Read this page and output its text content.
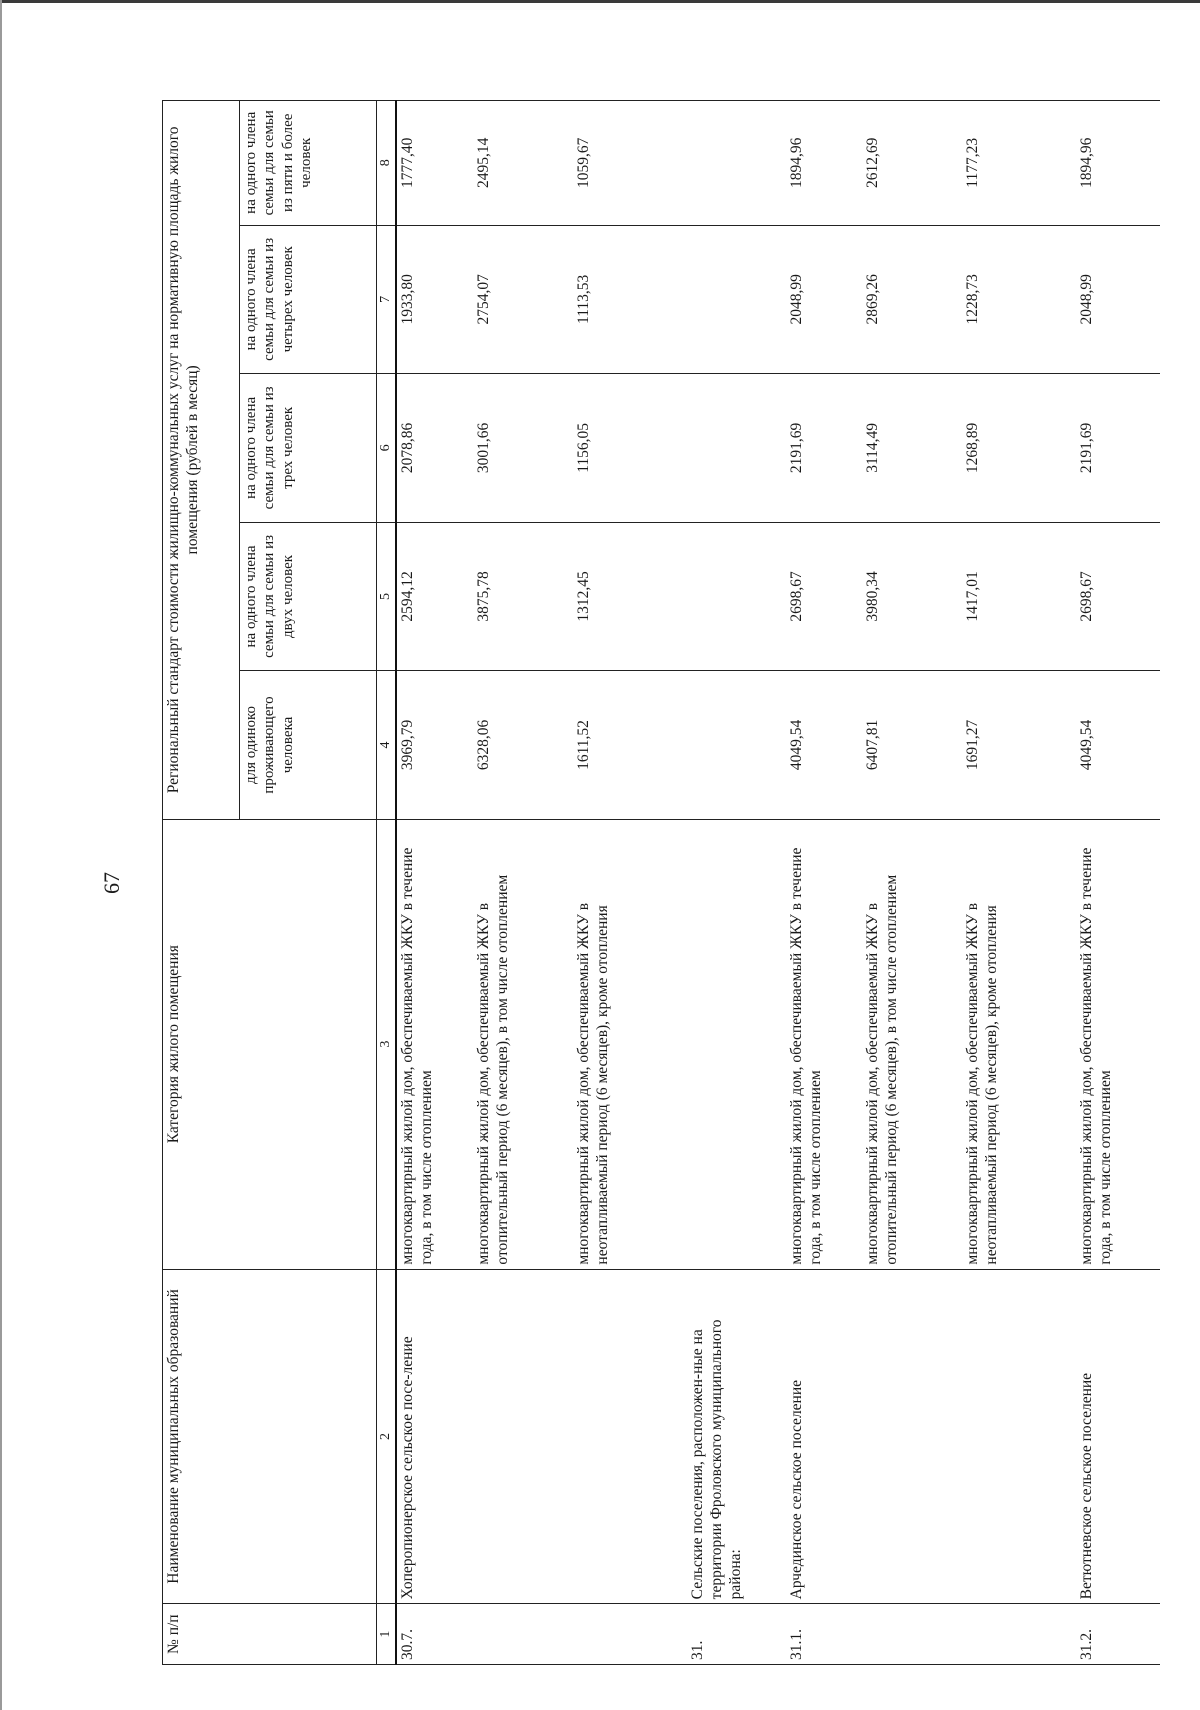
67
№ п/п	Наименование муниципальных образований	Категория жилого помещения	Региональный стандарт стоимости жилищно-коммунальных услуг на нормативную площадь жилого помещения (рублей в месяц)				
			для одиноко проживающего человека	на одного члена семьи для семьи из двух человек	на одного члена семьи для семьи из трех человек	на одного члена семьи для семьи из четырех человек	на одного члена семьи для семьи из пяти и более человек
1	2	3	4	5	6	7	8
30.7.	Хоперопионерское сельское посе-ление	многоквартирный жилой дом, обеспечиваемый ЖКУ в течение года, в том числе отоплением	3969,79	2594,12	2078,86	1933,80	1777,40
		многоквартирный жилой дом, обеспечиваемый ЖКУ в отопительный период (6 месяцев), в том числе отоплением	6328,06	3875,78	3001,66	2754,07	2495,14
		многоквартирный жилой дом, обеспечиваемый ЖКУ в неотапливаемый период (6 месяцев), кроме отопления	1611,52	1312,45	1156,05	1113,53	1059,67
31.	Сельские поселения, расположен-ные на территории Фроловского муниципального района:						
31.1.	Арчединское сельское поселение	многоквартирный жилой дом, обеспечиваемый ЖКУ в течение года, в том числе отоплением	4049,54	2698,67	2191,69	2048,99	1894,96
		многоквартирный жилой дом, обеспечиваемый ЖКУ в отопительный период (6 месяцев), в том числе отоплением	6407,81	3980,34	3114,49	2869,26	2612,69
		многоквартирный жилой дом, обеспечиваемый ЖКУ в неотапливаемый период (6 месяцев), кроме отопления	1691,27	1417,01	1268,89	1228,73	1177,23
31.2.	Ветютневское сельское поселение	многоквартирный жилой дом, обеспечиваемый ЖКУ в течение года, в том числе отоплением	4049,54	2698,67	2191,69	2048,99	1894,96
